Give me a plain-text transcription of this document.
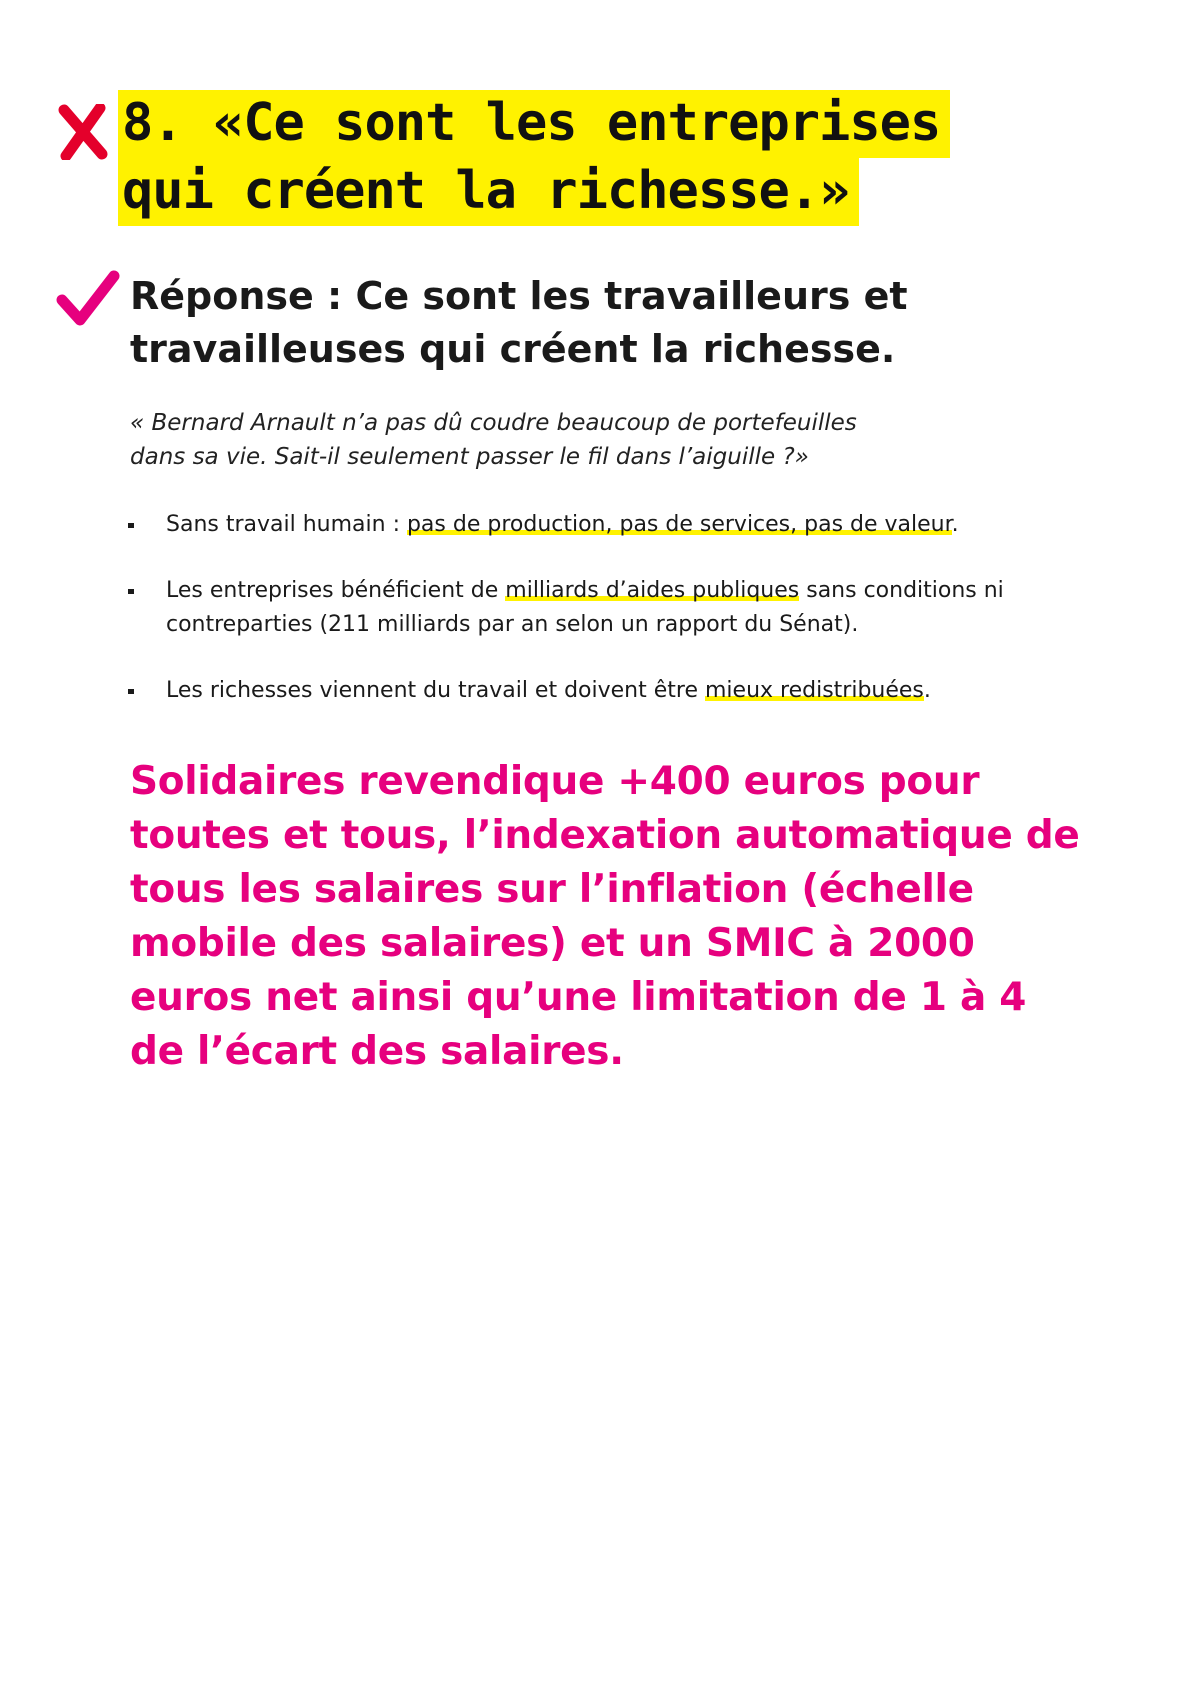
8. «Ce sont les entreprises
qui créent la richesse.»

Réponse : Ce sont les travailleurs et travailleuses qui créent la richesse.

« Bernard Arnault n’a pas dû coudre beaucoup de portefeuilles
dans sa vie. Sait-il seulement passer le fil dans l’aiguille ?»

Sans travail humain : pas de production, pas de services, pas de valeur.
Les entreprises bénéficient de milliards d’aides publiques sans conditions ni contreparties (211 milliards par an selon un rapport du Sénat).
Les richesses viennent du travail et doivent être mieux redistribuées.

Solidaires revendique +400 euros pour toutes et tous, l’indexation automatique de tous les salaires sur l’inflation (échelle mobile des salaires) et un SMIC à 2000 euros net ainsi qu’une limitation de 1 à 4 de l’écart des salaires.
